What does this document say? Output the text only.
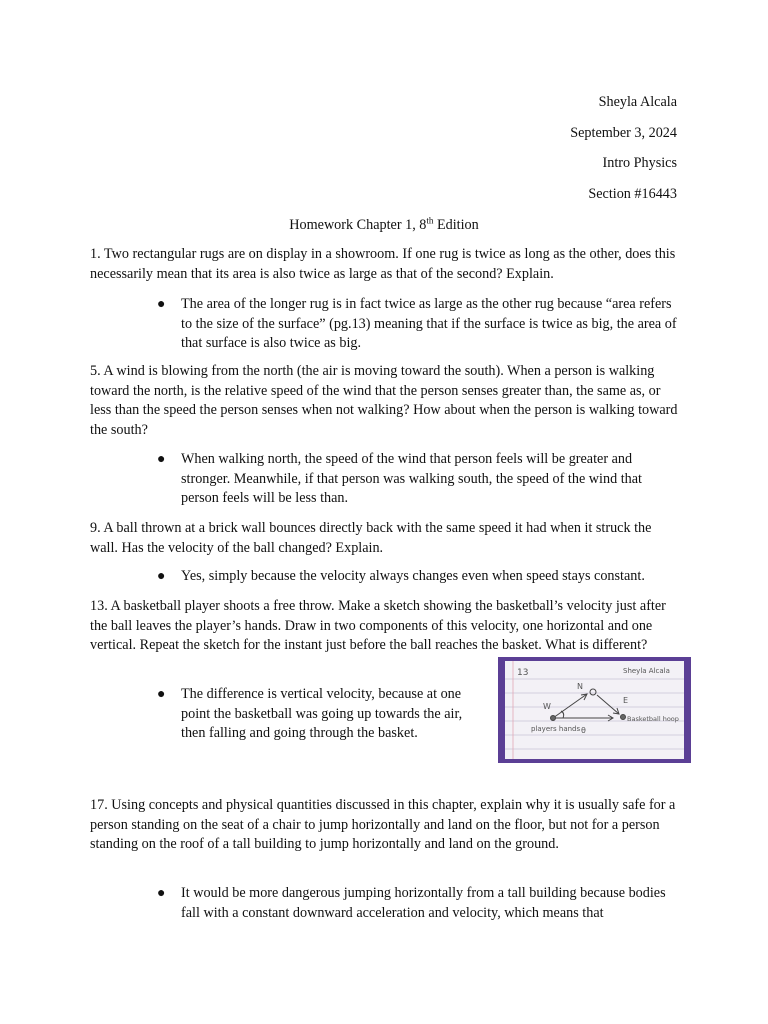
Sheyla Alcala
September 3, 2024
Intro Physics
Section #16443
Homework Chapter 1, 8th Edition
1. Two rectangular rugs are on display in a showroom. If one rug is twice as long as the other, does this necessarily mean that its area is also twice as large as that of the second? Explain.
● The area of the longer rug is in fact twice as large as the other rug because “area refers to the size of the surface” (pg.13) meaning that if the surface is twice as big, the area of that surface is also twice as big.
5. A wind is blowing from the north (the air is moving toward the south). When a person is walking toward the north, is the relative speed of the wind that the person senses greater than, the same as, or less than the speed the person senses when not walking? How about when the person is walking toward the south?
● When walking north, the speed of the wind that person feels will be greater and stronger. Meanwhile, if that person was walking south, the speed of the wind that person feels will be less than.
9. A ball thrown at a brick wall bounces directly back with the same speed it had when it struck the wall. Has the velocity of the ball changed? Explain.
● Yes, simply because the velocity always changes even when speed stays constant.
13. A basketball player shoots a free throw. Make a sketch showing the basketball’s velocity just after the ball leaves the player’s hands. Draw in two components of this velocity, one horizontal and one vertical. Repeat the sketch for the instant just before the ball reaches the basket. What is different?
● The difference is vertical velocity, because at one point the basketball was going up towards the air, then falling and going through the basket.
13	Sheyla Alcala
N
W
E
θ
players hands
Basketball hoop
17. Using concepts and physical quantities discussed in this chapter, explain why it is usually safe for a person standing on the seat of a chair to jump horizontally and land on the floor, but not for a person standing on the roof of a tall building to jump horizontally and land on the ground.
● It would be more dangerous jumping horizontally from a tall building because bodies fall with a constant downward acceleration and velocity, which means that
